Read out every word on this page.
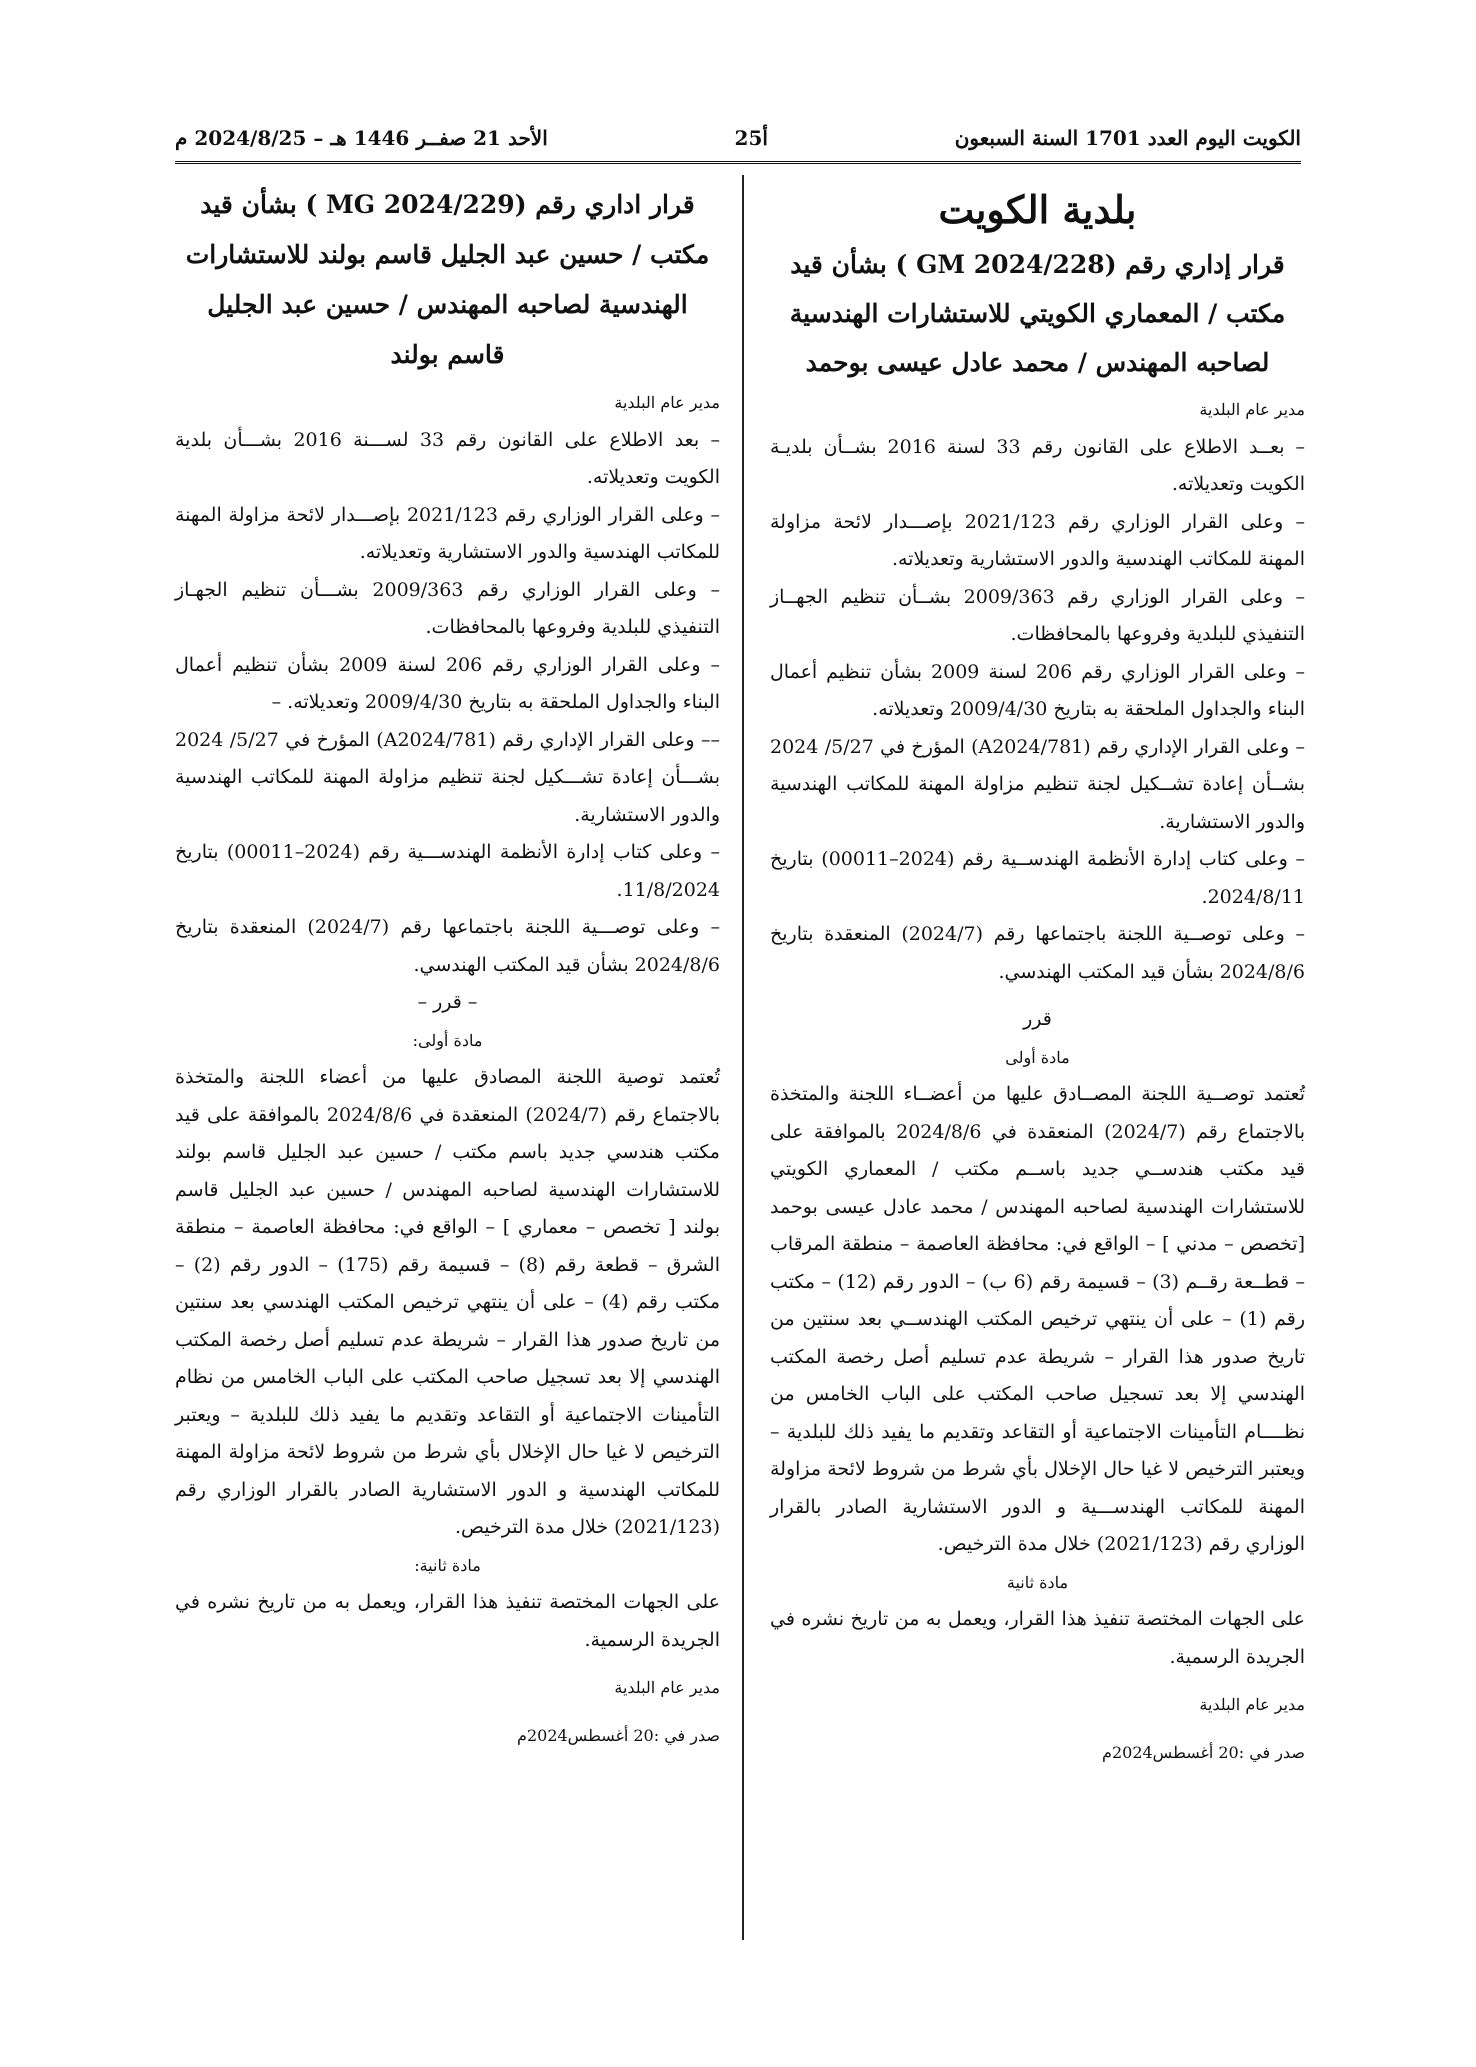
الأحد 21 صفــر 1446 هـ – 2024/8/25 م	أ25	الكويت اليوم العدد 1701 السنة السبعون

بلدية الكويت

قرار إداري رقم (GM 2024/228 ) بشأن قيد مكتب / المعماري الكويتي للاستشارات الهندسية لصاحبه المهندس / محمد عادل عيسى بوحمد

مدير عام البلدية

– بعــد الاطلاع على القانون رقم 33 لسنة 2016 بشــأن بلديـة الكويت وتعديلاته.

– وعلى القرار الوزاري رقم 2021/123 بإصـــدار لائحة مزاولة المهنة للمكاتب الهندسية والدور الاستشارية وتعديلاته.

– وعلى القرار الوزاري رقم 2009/363 بشــأن تنظيم الجهــاز التنفيذي للبلدية وفروعها بالمحافظات.

– وعلى القرار الوزاري رقم 206 لسنة 2009 بشأن تنظيم أعمال البناء والجداول الملحقة به بتاريخ 2009/4/30 وتعديلاته.

– وعلى القرار الإداري رقم (A2024/781) المؤرخ في 5/27/ 2024 بشــأن إعادة تشــكيل لجنة تنظيم مزاولة المهنة للمكاتب الهندسية والدور الاستشارية.

– وعلى كتاب إدارة الأنظمة الهندســية رقم (2024–00011) بتاريخ 2024/8/11.

– وعلى توصــية اللجنة باجتماعها رقم (2024/7) المنعقدة بتاريخ 2024/8/6 بشأن قيد المكتب الهندسي.

قرر

مادة أولى

تُعتمد توصــية اللجنة المصــادق عليها من أعضــاء اللجنة والمتخذة بالاجتماع رقم (2024/7) المنعقدة في 2024/8/6 بالموافقة على قيد مكتب هندســي جديد باســم مكتب / المعماري الكويتي للاستشارات الهندسية لصاحبه المهندس / محمد عادل عيسى بوحمد [تخصص – مدني ] – الواقع في: محافظة العاصمة – منطقة المرقاب – قطــعة رقــم (3) – قسيمة رقم (6 ب) – الدور رقم (12) – مكتب رقم (1) – على أن ينتهي ترخيص المكتب الهندســي بعد سنتين من تاريخ صدور هذا القرار – شريطة عدم تسليم أصل رخصة المكتب الهندسي إلا بعد تسجيل صاحب المكتب على الباب الخامس من نظــــام التأمينات الاجتماعية أو التقاعد وتقديم ما يفيد ذلك للبلدية – ويعتبر الترخيص لا غيا حال الإخلال بأي شرط من شروط لائحة مزاولة المهنة للمكاتب الهندســـية و الدور الاستشارية الصادر بالقرار الوزاري رقم (2021/123) خلال مدة الترخيص.

مادة ثانية

على الجهات المختصة تنفيذ هذا القرار، ويعمل به من تاريخ نشره في الجريدة الرسمية.

مدير عام البلدية

صدر في :20 أغسطس2024م

قرار اداري رقم (MG 2024/229 ) بشأن قيد مكتب / حسين عبد الجليل قاسم بولند للاستشارات الهندسية لصاحبه المهندس / حسين عبد الجليل قاسم بولند

مدير عام البلدية

– بعد الاطلاع على القانون رقم 33 لســـنة 2016 بشـــأن بلدية الكويت وتعديلاته.

– وعلى القرار الوزاري رقم 2021/123 بإصـــدار لائحة مزاولة المهنة للمكاتب الهندسية والدور الاستشارية وتعديلاته.

– وعلى القرار الوزاري رقم 2009/363 بشـــأن تنظيم الجهـاز التنفيذي للبلدية وفروعها بالمحافظات.

– وعلى القرار الوزاري رقم 206 لسنة 2009 بشأن تنظيم أعمال البناء والجداول الملحقة به بتاريخ 2009/4/30 وتعديلاته. –

–– وعلى القرار الإداري رقم (A2024/781) المؤرخ في 5/27/ 2024 بشـــأن إعادة تشـــكيل لجنة تنظيم مزاولة المهنة للمكاتب الهندسية والدور الاستشارية.

– وعلى كتاب إدارة الأنظمة الهندســـية رقم (2024–00011) بتاريخ 11/8/2024.

– وعلى توصـــية اللجنة باجتماعها رقم (2024/7) المنعقدة بتاريخ 2024/8/6 بشأن قيد المكتب الهندسي.

– قرر –

مادة أولى:

تُعتمد توصية اللجنة المصادق عليها من أعضاء اللجنة والمتخذة بالاجتماع رقم (2024/7) المنعقدة في 2024/8/6 بالموافقة على قيد مكتب هندسي جديد باسم مكتب / حسين عبد الجليل قاسم بولند للاستشارات الهندسية لصاحبه المهندس / حسين عبد الجليل قاسم بولند [ تخصص – معماري ] – الواقع في: محافظة العاصمة – منطقة الشرق – قطعة رقم (8) – قسيمة رقم (175) – الدور رقم (2) – مكتب رقم (4) – على أن ينتهي ترخيص المكتب الهندسي بعد سنتين من تاريخ صدور هذا القرار – شريطة عدم تسليم أصل رخصة المكتب الهندسي إلا بعد تسجيل صاحب المكتب على الباب الخامس من نظام التأمينات الاجتماعية أو التقاعد وتقديم ما يفيد ذلك للبلدية – ويعتبر الترخيص لا غيا حال الإخلال بأي شرط من شروط لائحة مزاولة المهنة للمكاتب الهندسية و الدور الاستشارية الصادر بالقرار الوزاري رقم (2021/123) خلال مدة الترخيص.

مادة ثانية:

على الجهات المختصة تنفيذ هذا القرار، ويعمل به من تاريخ نشره في الجريدة الرسمية.

مدير عام البلدية

صدر في :20 أغسطس2024م
